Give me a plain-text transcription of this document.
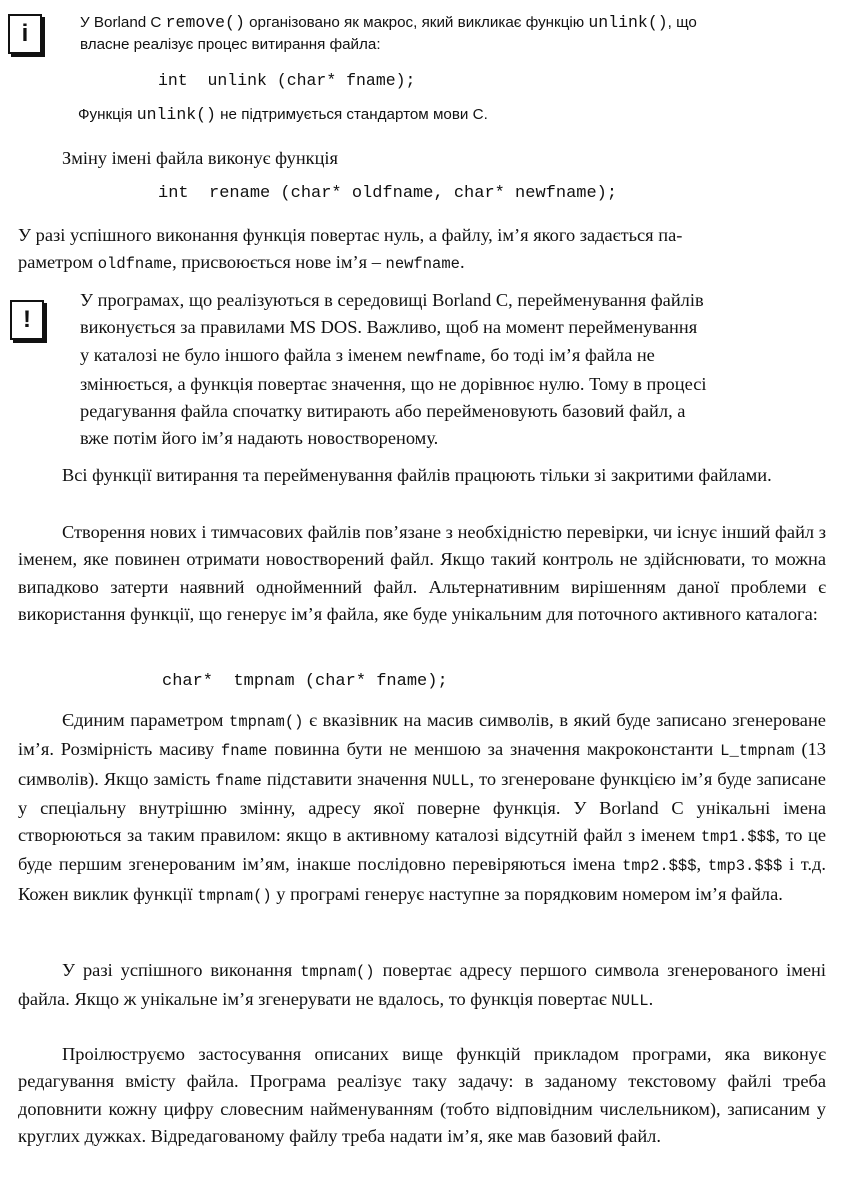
i	У Borland C remove() організовано як макрос, який викликає функцію unlink(), що

власне реалізує процес витирання файла:

int  unlink (char* fname);

Функція unlink() не підтримується стандартом мови C.

Зміну імені файла виконує функція
int  rename (char* oldfname, char* newfname);

У разі успішного виконання функція повертає нуль, а файлу, ім’я якого задається па-

раметром oldfname, присвоюється нове ім’я – newfname.

!

У програмах, що реалізуються в середовищі Borland C, перейменування файлів

виконується за правилами MS DOS. Важливо, щоб на момент перейменування

у каталозі не було іншого файла з іменем newfname, бо тоді ім’я файла не

змінюється, а функція повертає значення, що не дорівнює нулю. Тому в процесі

редагування файла спочатку витирають або перейменовують базовий файл, а

вже потім його ім’я надають новоствореному.

Всі функції витирання та перейменування файлів працюють тільки зі закритими файлами.

Створення нових і тимчасових файлів пов’язане з необхідністю перевірки, чи існує інший файл з іменем, яке повинен отримати новостворений файл. Якщо такий контроль не здійснювати, то можна випадково затерти наявний однойменний файл. Альтернативним вирішенням даної проблеми є використання функції, що генерує ім’я файла, яке буде унікальним для поточного активного каталога:

char*  tmpnam (char* fname);

Єдиним параметром tmpnam() є вказівник на масив символів, в який буде записано згенероване ім’я. Розмірність масиву fname повинна бути не меншою за значення макроконстанти L_tmpnam (13 символів). Якщо замість fname підставити значення NULL, то згенероване функцією ім’я буде записане у спеціальну внутрішню змінну, адресу якої поверне функція. У Borland C унікальні імена створюються за таким правилом: якщо в активному каталозі відсутній файл з іменем tmp1.$$$, то це буде першим згенерованим ім’ям, інакше послідовно перевіряються імена tmp2.$$$, tmp3.$$$ і т.д. Кожен виклик функції tmpnam() у програмі генерує наступне за порядковим номером ім’я файла.

У разі успішного виконання tmpnam() повертає адресу першого символа згенерованого імені файла. Якщо ж унікальне ім’я згенерувати не вдалось, то функція повертає NULL.

Проілюструємо застосування описаних вище функцій прикладом програми, яка виконує редагування вмісту файла. Програма реалізує таку задачу: в заданому текстовому файлі треба доповнити кожну цифру словесним найменуванням (тобто відповідним числельником), записаним у круглих дужках. Відредагованому файлу треба надати ім’я, яке мав базовий файл.
